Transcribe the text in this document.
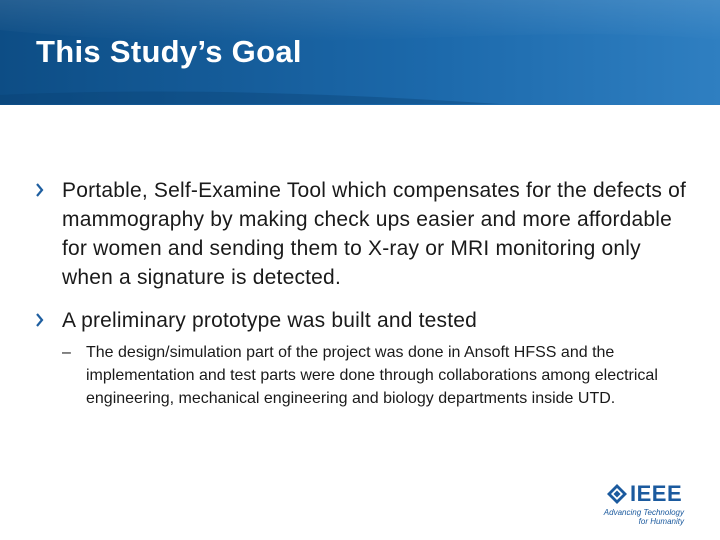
This Study’s Goal
Portable, Self-Examine Tool which compensates for the defects of mammography by making check ups easier and more affordable for women and sending them to X-ray or MRI monitoring only when a signature is detected.
A preliminary prototype was built and tested
– The design/simulation part of the project was done in Ansoft HFSS and the implementation and test parts were done through collaborations among electrical engineering, mechanical engineering and biology departments inside UTD.
IEEE
Advancing Technology
for Humanity
